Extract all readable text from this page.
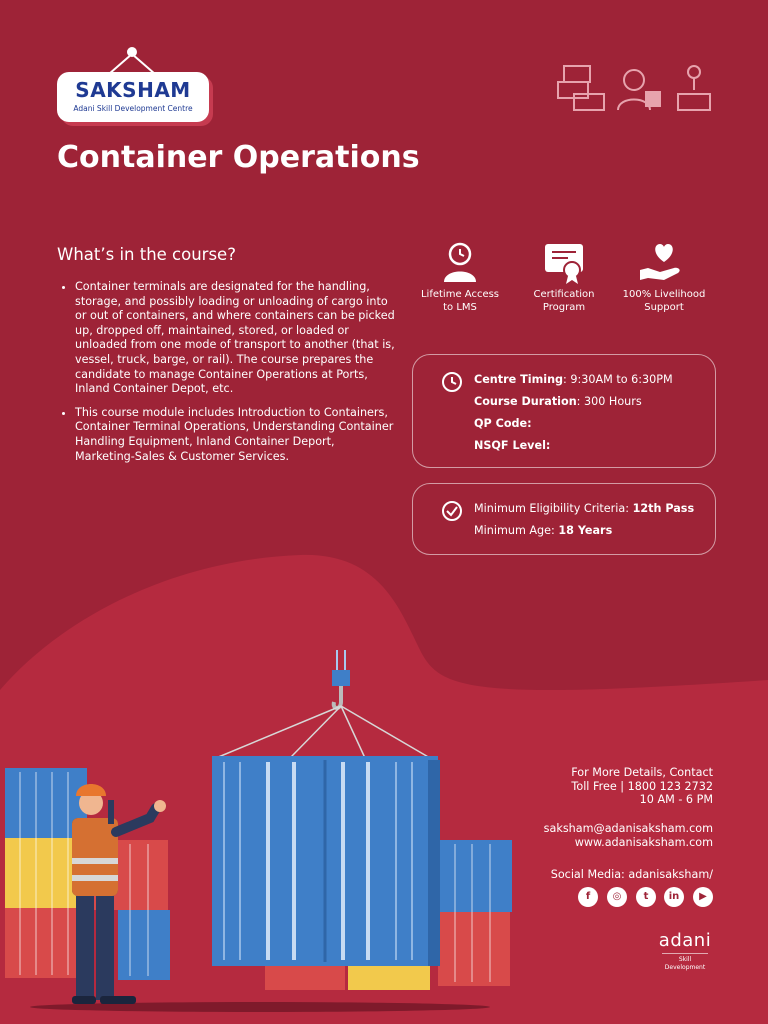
SAKSHAM
Adani Skill Development Centre
Container Operations
What’s in the course?
• Container terminals are designated for the handling, storage, and possibly loading or unloading of cargo into or out of containers, and where containers can be picked up, dropped off, maintained, stored, or loaded or unloaded from one mode of transport to another (that is, vessel, truck, barge, or rail). The course prepares the candidate to manage Container Operations at Ports, Inland Container Depot, etc.
• This course module includes Introduction to Containers, Container Terminal Operations, Understanding Container Handling Equipment, Inland Container Deport, Marketing-Sales & Customer Services.
Lifetime Access
to LMS
Certification
Program
100% Livelihood
Support
Centre Timing: 9:30AM to 6:30PM
Course Duration: 300 Hours
QP Code:
NSQF Level:
Minimum Eligibility Criteria: 12th Pass
Minimum Age: 18 Years
For More Details, Contact
Toll Free | 1800 123 2732
10 AM - 6 PM
saksham@adanisaksham.com
www.adanisaksham.com
Social Media: adanisaksham/
f	◎	t	in	▶
adani
Skill
Development
